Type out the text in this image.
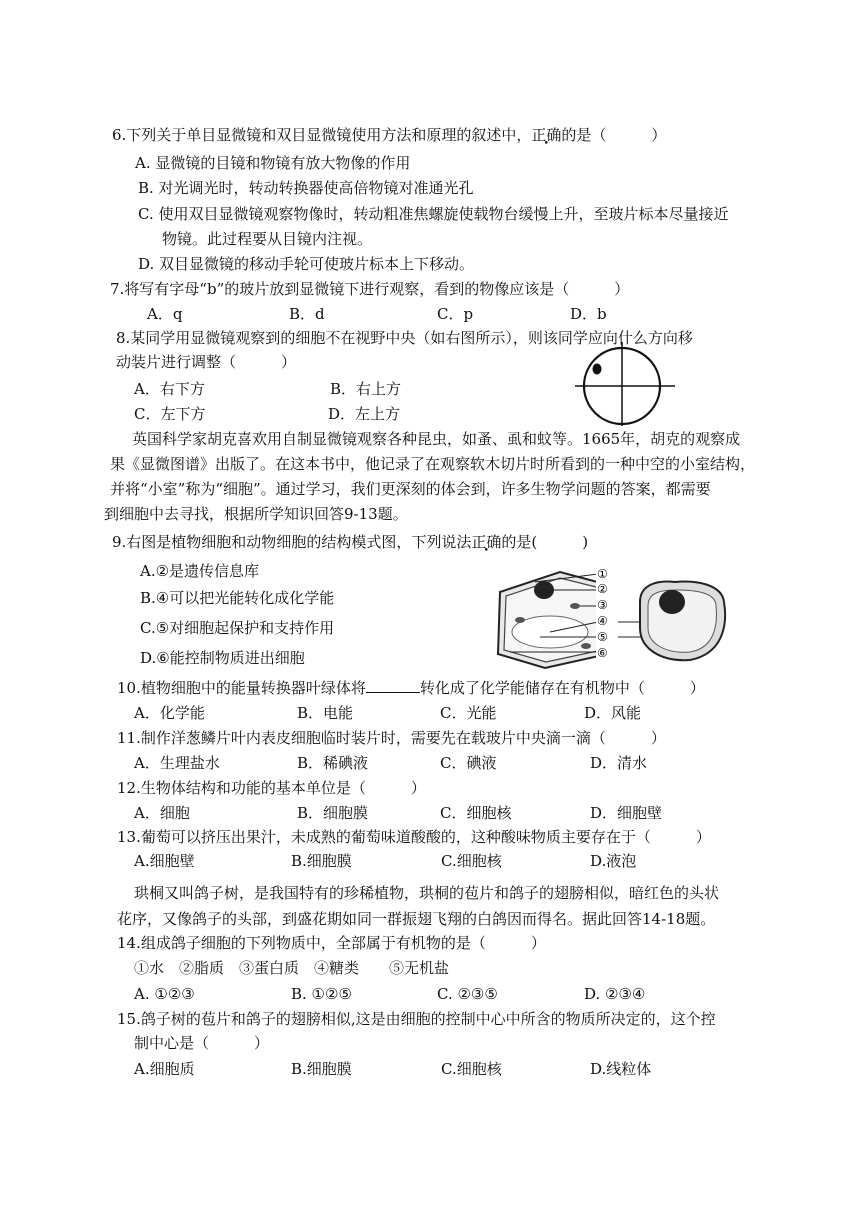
6.下列关于单目显微镜和双目显微镜使用方法和原理的叙述中，正确的是（　　　）
A. 显微镜的目镜和物镜有放大物像的作用
B. 对光调光时，转动转换器使高倍物镜对准通光孔
C. 使用双目显微镜观察物像时，转动粗准焦螺旋使载物台缓慢上升，至玻片标本尽量接近
物镜。此过程要从目镜内注视。
D. 双目显微镜的移动手轮可使玻片标本上下移动。
7.将写有字母“b”的玻片放到显微镜下进行观察，看到的物像应该是（　　　）
A．q	B．d	C．p	D．b
8.某同学用显微镜观察到的细胞不在视野中央（如右图所示），则该同学应向什么方向移
动装片进行调整（　　　）
A．右下方	B．右上方
C．左下方	D．左上方
英国科学家胡克喜欢用自制显微镜观察各种昆虫，如蚤、虱和蚊等。1665年，胡克的观察成
果《显微图谱》出版了。在这本书中，他记录了在观察软木切片时所看到的一种中空的小室结构，
并将“小室”称为“细胞”。通过学习，我们更深刻的体会到，许多生物学问题的答案，都需要
到细胞中去寻找，根据所学知识回答9-13题。
9.右图是植物细胞和动物细胞的结构模式图，下列说法正确的是(　　　)
A.②是遗传信息库
B.④可以把光能转化成化学能
C.⑤对细胞起保护和支持作用
D.⑥能控制物质进出细胞
①
②
③
④
⑤
⑥
10.植物细胞中的能量转换器叶绿体将	转化成了化学能储存在有机物中（　　　）
A．化学能	B．电能	C．光能	D．风能
11.制作洋葱鳞片叶内表皮细胞临时装片时，需要先在载玻片中央滴一滴（　　　）
A．生理盐水	B．稀碘液	C．碘液	D．清水
12.生物体结构和功能的基本单位是（　　　）
A．细胞	B．细胞膜	C．细胞核	D．细胞壁
13.葡萄可以挤压出果汁，未成熟的葡萄味道酸酸的，这种酸味物质主要存在于（　　　）
A.细胞壁	B.细胞膜	C.细胞核	D.液泡
珙桐又叫鸽子树，是我国特有的珍稀植物，珙桐的苞片和鸽子的翅膀相似，暗红色的头状
花序，又像鸽子的头部，到盛花期如同一群振翅飞翔的白鸽因而得名。据此回答14-18题。
14.组成鸽子细胞的下列物质中，全部属于有机物的是（　　　）
①水　②脂质　③蛋白质　④糖类　　⑤无机盐
A. ①②③	B. ①②⑤	C. ②③⑤	D. ②③④
15.鸽子树的苞片和鸽子的翅膀相似,这是由细胞的控制中心中所含的物质所决定的，这个控
制中心是（　　　）
A.细胞质	B.细胞膜	C.细胞核	D.线粒体
